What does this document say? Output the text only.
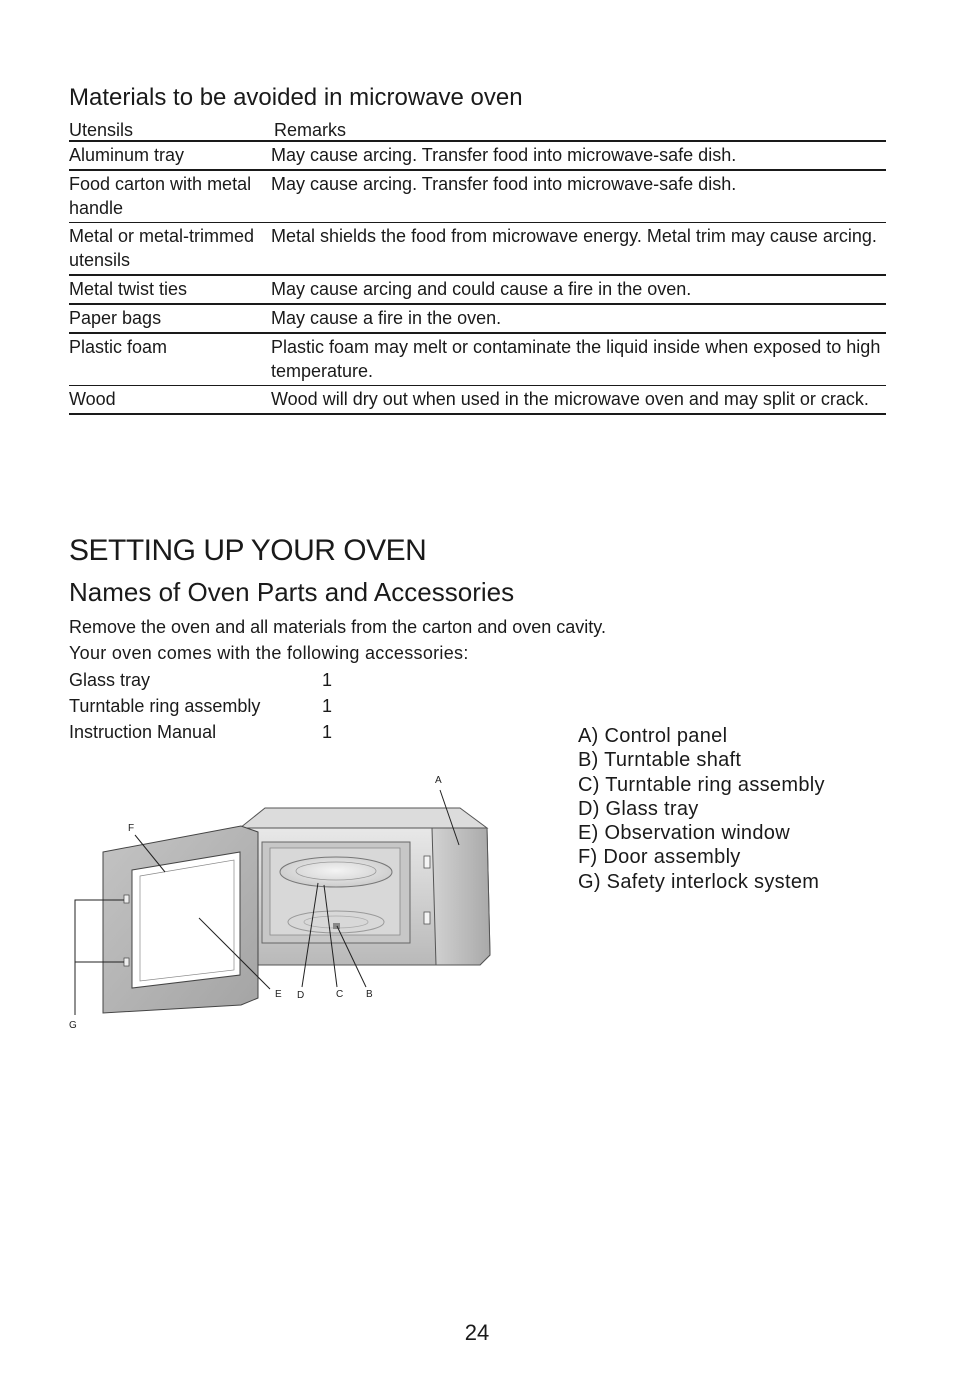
Materials to be avoided in microwave oven
Utensils	Remarks
Aluminum tray	May cause arcing. Transfer food into microwave-safe dish.
Food carton with metal handle	May cause arcing. Transfer food into microwave-safe dish.
Metal or metal-trimmed utensils	Metal shields the food from microwave energy. Metal trim may cause arcing.
Metal twist ties	May cause arcing and could cause a fire in the oven.
Paper bags	May cause a fire in the oven.
Plastic foam	Plastic foam may melt or contaminate the liquid inside when exposed to high temperature.
Wood	Wood will dry out when used in the microwave oven and may split or crack.
SETTING UP YOUR OVEN
Names of Oven Parts and Accessories
Remove the oven and all materials from the carton and oven cavity.
Your oven comes with the following accessories:
Glass tray	1
Turntable ring assembly	1
Instruction Manual	1	A) Control panel
B) Turntable shaft
C) Turntable ring assembly
D) Glass tray
E) Observation window
F) Door assembly
G) Safety interlock system
A
F
E D	C B
G
24
